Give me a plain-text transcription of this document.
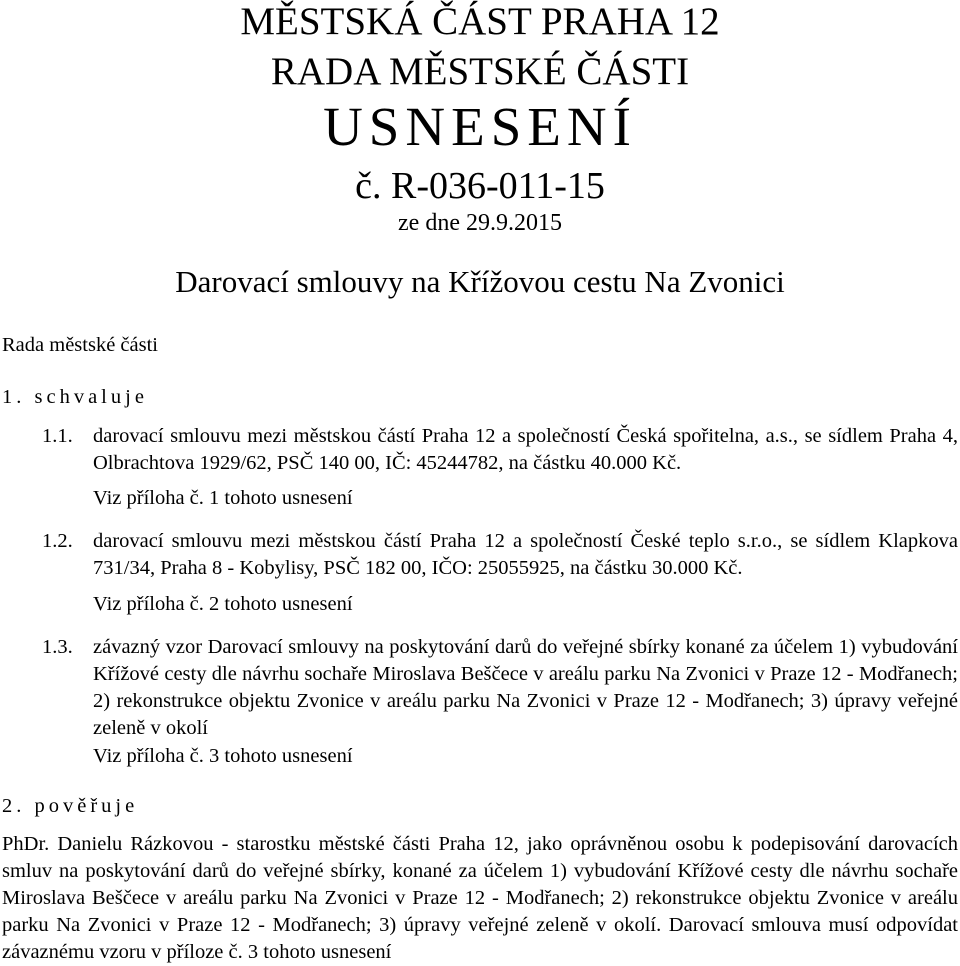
MĚSTSKÁ ČÁST PRAHA 12
RADA MĚSTSKÉ ČÁSTI
USNESENÍ
č. R-036-011-15
ze dne 29.9.2015
Darovací smlouvy na Křížovou cestu Na Zvonici
Rada městské části
1. schvaluje
1.1. darovací smlouvu mezi městskou částí Praha 12 a společností Česká spořitelna, a.s., se sídlem Praha 4, Olbrachtova 1929/62, PSČ 140 00, IČ: 45244782, na částku 40.000 Kč.
Viz příloha č. 1 tohoto usnesení
1.2. darovací smlouvu mezi městskou částí Praha 12 a společností České teplo s.r.o., se sídlem Klapkova 731/34, Praha 8 - Kobylisy, PSČ 182 00, IČO: 25055925, na částku 30.000 Kč.
Viz příloha č. 2 tohoto usnesení
1.3. závazný vzor Darovací smlouvy na poskytování darů do veřejné sbírky konané za účelem 1) vybudování Křížové cesty dle návrhu sochaře Miroslava Beščece v areálu parku Na Zvonici v Praze 12 - Modřanech; 2) rekonstrukce objektu Zvonice v areálu parku Na Zvonici v Praze 12 - Modřanech; 3) úpravy veřejné zeleně v okolí
Viz příloha č. 3 tohoto usnesení
2. pověřuje
PhDr. Danielu Rázkovou - starostku městské části Praha 12, jako oprávněnou osobu k podepisování darovacích smluv na poskytování darů do veřejné sbírky, konané za účelem 1) vybudování Křížové cesty dle návrhu sochaře Miroslava Beščece v areálu parku Na Zvonici v Praze 12 - Modřanech; 2) rekonstrukce objektu Zvonice v areálu parku Na Zvonici v Praze 12 - Modřanech; 3) úpravy veřejné zeleně v okolí. Darovací smlouva musí odpovídat závaznému vzoru v příloze č. 3 tohoto usnesení
